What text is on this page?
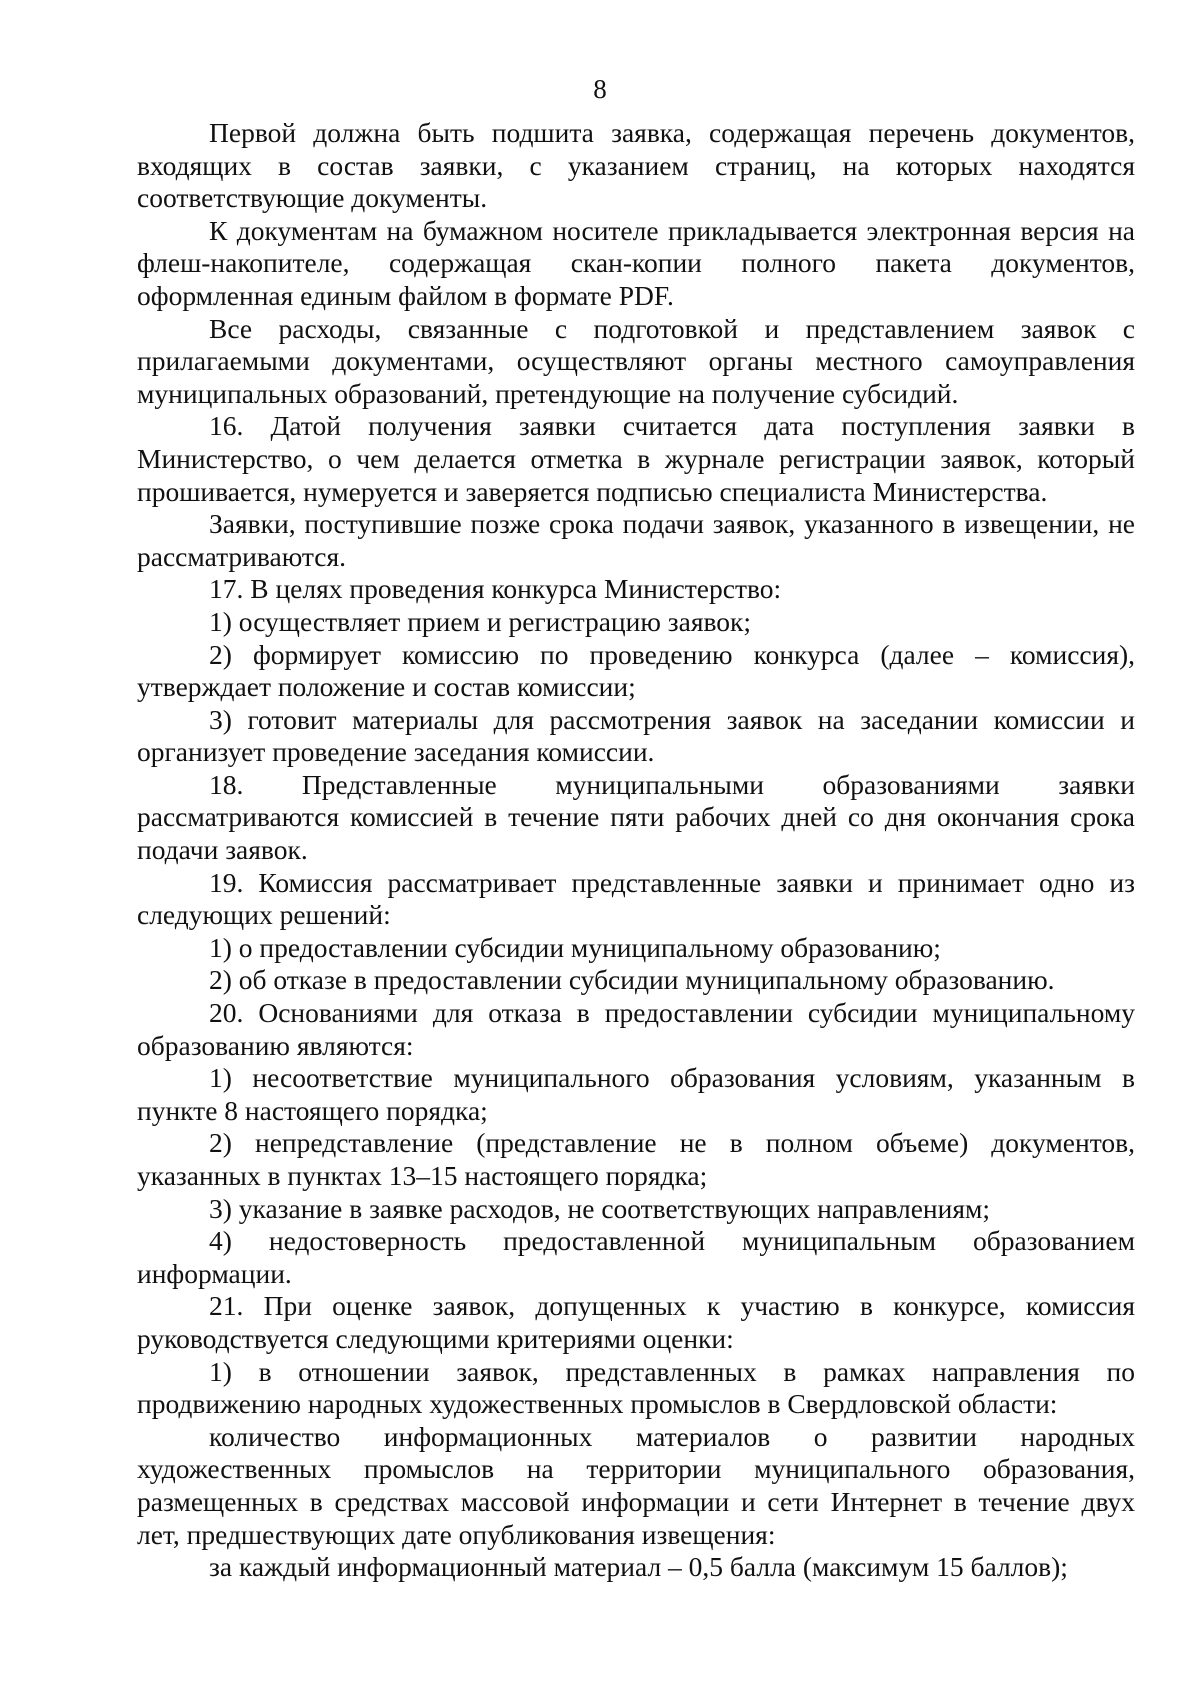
8

Первой должна быть подшита заявка, содержащая перечень документов, входящих в состав заявки, с указанием страниц, на которых находятся соответствующие документы.

К документам на бумажном носителе прикладывается электронная версия на флеш-накопителе, содержащая скан-копии полного пакета документов, оформленная единым файлом в формате PDF.

Все расходы, связанные с подготовкой и представлением заявок с прилагаемыми документами, осуществляют органы местного самоуправления муниципальных образований, претендующие на получение субсидий.

16. Датой получения заявки считается дата поступления заявки в Министерство, о чем делается отметка в журнале регистрации заявок, который прошивается, нумеруется и заверяется подписью специалиста Министерства.

Заявки, поступившие позже срока подачи заявок, указанного в извещении, не рассматриваются.

17. В целях проведения конкурса Министерство:

1) осуществляет прием и регистрацию заявок;

2) формирует комиссию по проведению конкурса (далее – комиссия), утверждает положение и состав комиссии;

3) готовит материалы для рассмотрения заявок на заседании комиссии и организует проведение заседания комиссии.

18. Представленные муниципальными образованиями заявки рассматриваются комиссией в течение пяти рабочих дней со дня окончания срока подачи заявок.

19. Комиссия рассматривает представленные заявки и принимает одно из следующих решений:

1) о предоставлении субсидии муниципальному образованию;

2) об отказе в предоставлении субсидии муниципальному образованию.

20. Основаниями для отказа в предоставлении субсидии муниципальному образованию являются:

1) несоответствие муниципального образования условиям, указанным в пункте 8 настоящего порядка;

2) непредставление (представление не в полном объеме) документов, указанных в пунктах 13–15 настоящего порядка;

3) указание в заявке расходов, не соответствующих направлениям;

4) недостоверность предоставленной муниципальным образованием информации.

21. При оценке заявок, допущенных к участию в конкурсе, комиссия руководствуется следующими критериями оценки:

1) в отношении заявок, представленных в рамках направления по продвижению народных художественных промыслов в Свердловской области:

количество информационных материалов о развитии народных художественных промыслов на территории муниципального образования, размещенных в средствах массовой информации и сети Интернет в течение двух лет, предшествующих дате опубликования извещения:

за каждый информационный материал – 0,5 балла (максимум 15 баллов);
